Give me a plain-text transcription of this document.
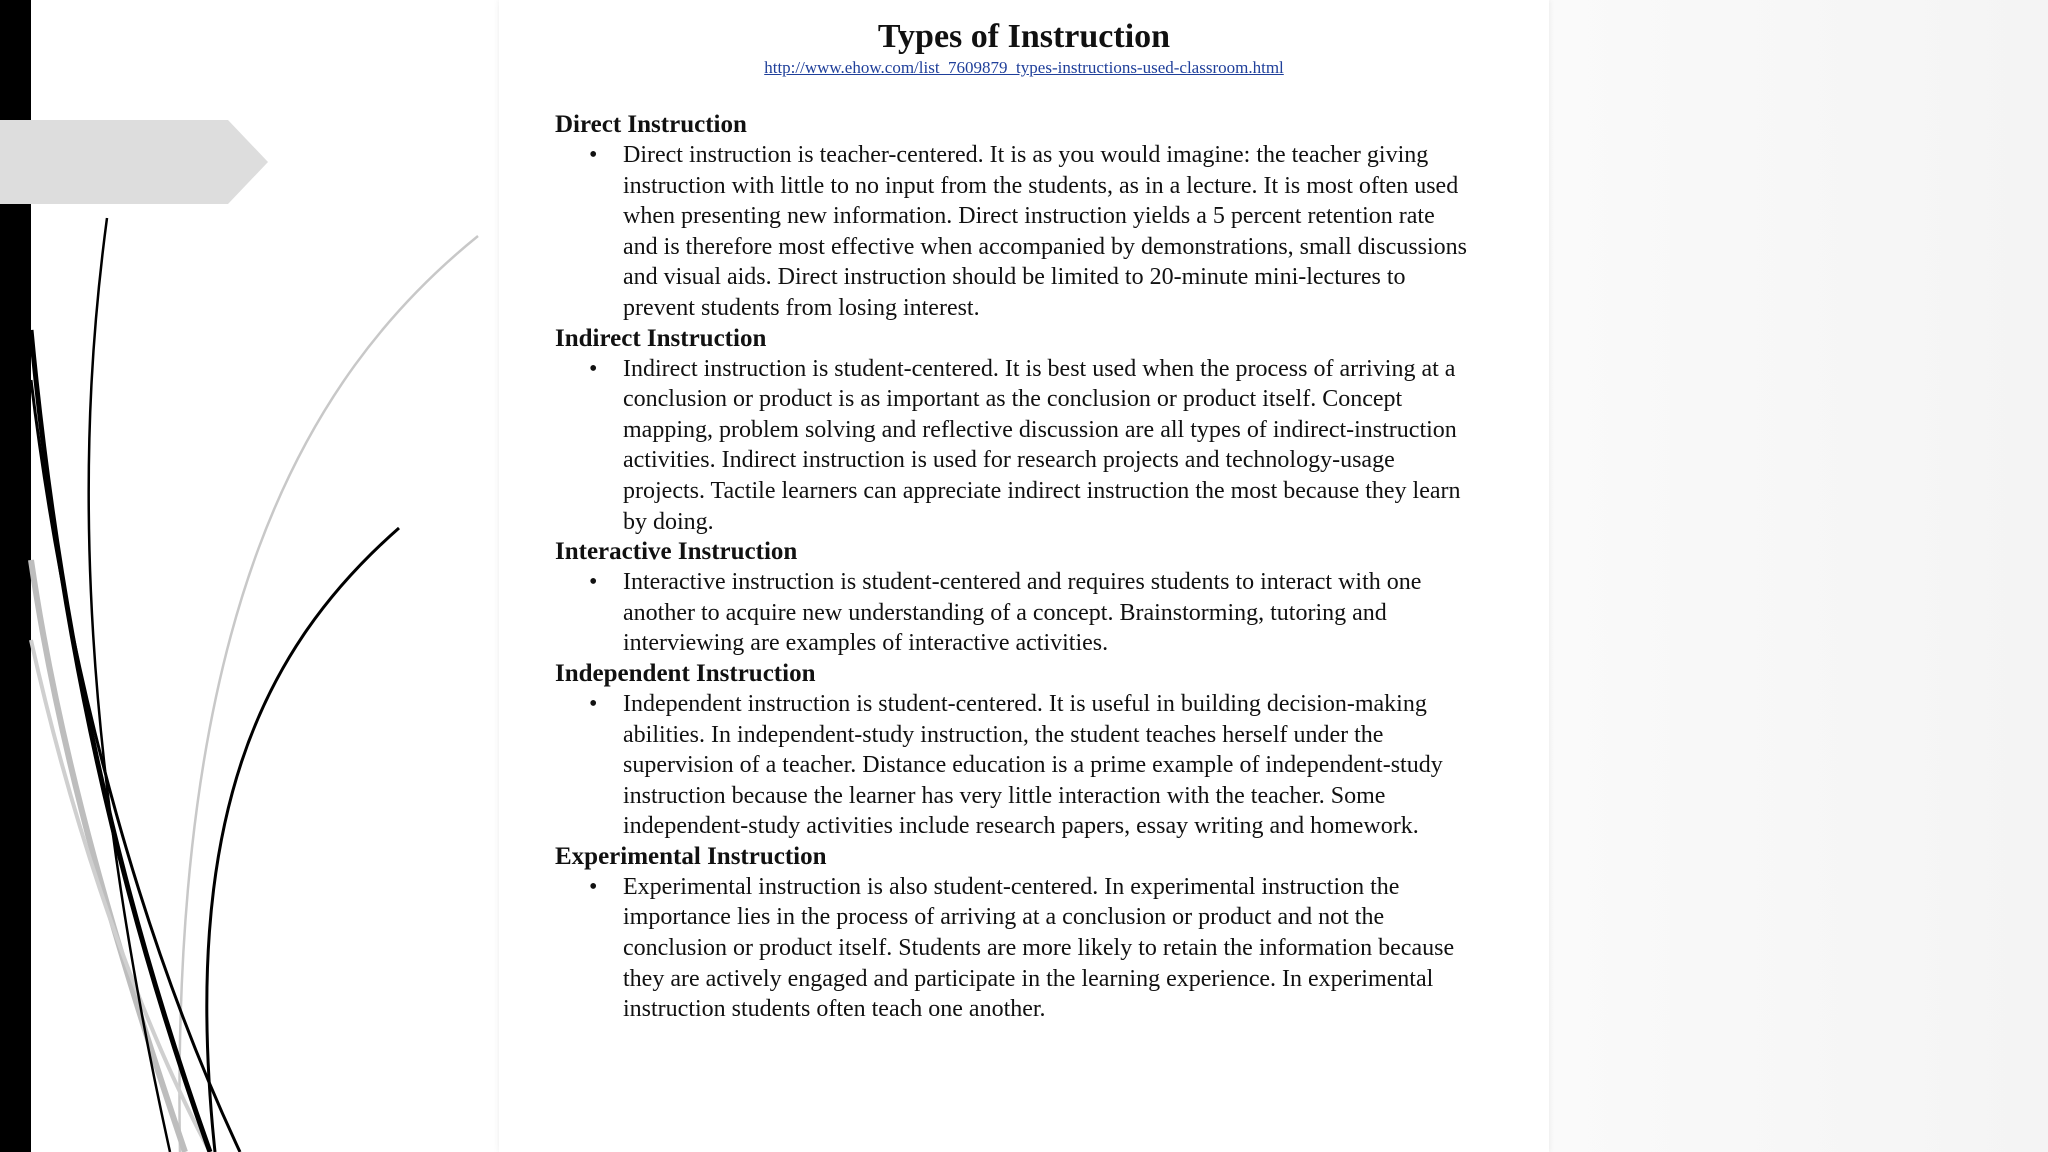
Types of Instruction
http://www.ehow.com/list_7609879_types-instructions-used-classroom.html

Direct Instruction

• Direct instruction is teacher-centered. It is as you would imagine: the teacher giving instruction with little to no input from the students, as in a lecture. It is most often used when presenting new information. Direct instruction yields a 5 percent retention rate and is therefore most effective when accompanied by demonstrations, small discussions and visual aids. Direct instruction should be limited to 20-minute mini-lectures to prevent students from losing interest.

Indirect Instruction

• Indirect instruction is student-centered. It is best used when the process of arriving at a conclusion or product is as important as the conclusion or product itself. Concept mapping, problem solving and reflective discussion are all types of indirect-instruction activities. Indirect instruction is used for research projects and technology-usage projects. Tactile learners can appreciate indirect instruction the most because they learn by doing.

Interactive Instruction

• Interactive instruction is student-centered and requires students to interact with one another to acquire new understanding of a concept. Brainstorming, tutoring and interviewing are examples of interactive activities.

Independent Instruction

• Independent instruction is student-centered. It is useful in building decision-making abilities. In independent-study instruction, the student teaches herself under the supervision of a teacher. Distance education is a prime example of independent-study instruction because the learner has very little interaction with the teacher. Some independent-study activities include research papers, essay writing and homework.

Experimental Instruction

• Experimental instruction is also student-centered. In experimental instruction the importance lies in the process of arriving at a conclusion or product and not the conclusion or product itself. Students are more likely to retain the information because they are actively engaged and participate in the learning experience. In experimental instruction students often teach one another.
